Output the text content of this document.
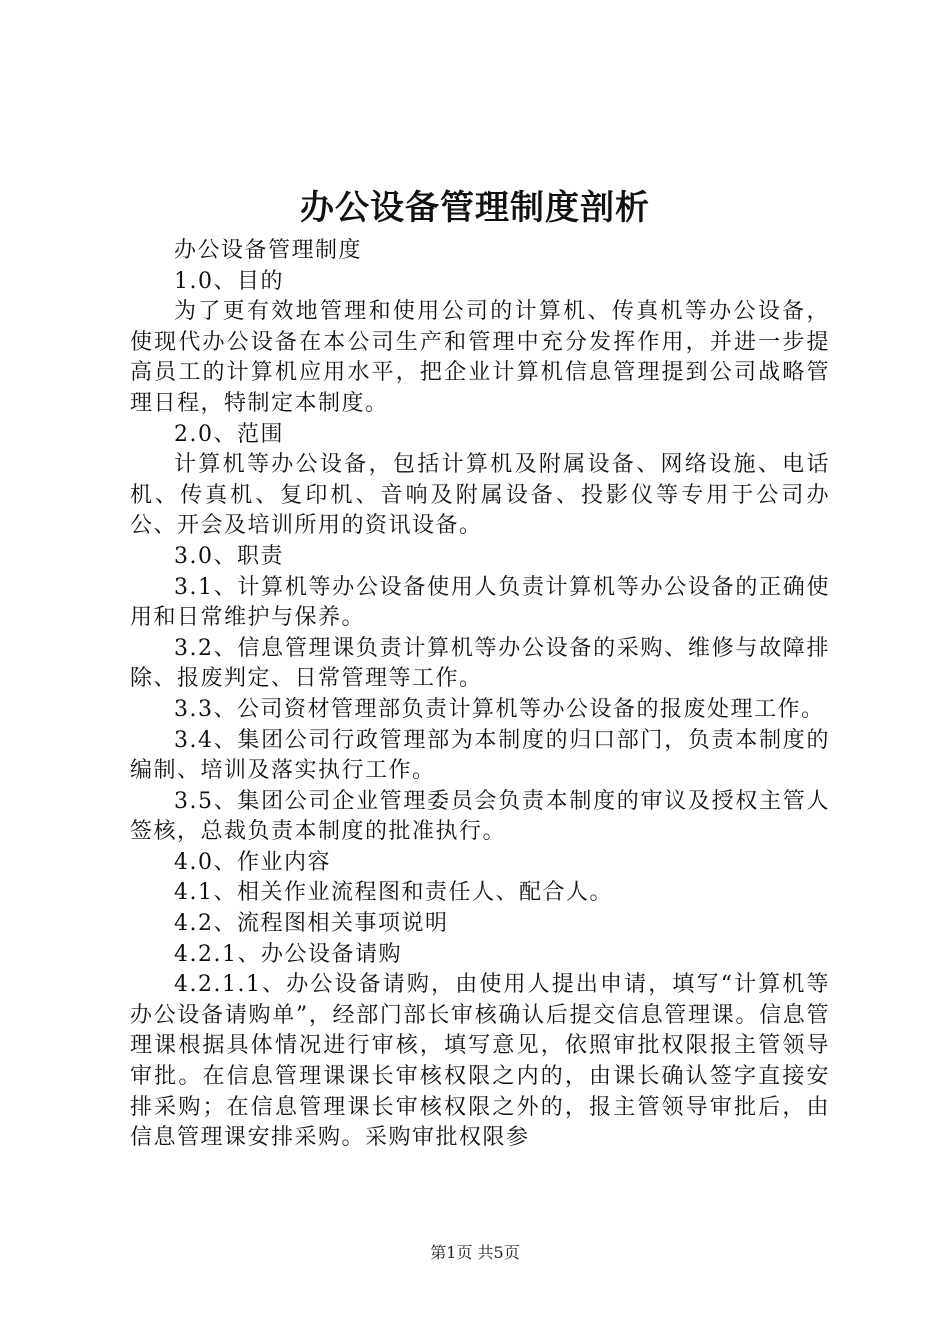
办公设备管理制度剖析

办公设备管理制度

1.0、目的

为了更有效地管理和使用公司的计算机、传真机等办公设备，使现代办公设备在本公司生产和管理中充分发挥作用，并进一步提高员工的计算机应用水平，把企业计算机信息管理提到公司战略管理日程，特制定本制度。

2.0、范围

计算机等办公设备，包括计算机及附属设备、网络设施、电话机、传真机、复印机、音响及附属设备、投影仪等专用于公司办公、开会及培训所用的资讯设备。

3.0、职责

3.1、计算机等办公设备使用人负责计算机等办公设备的正确使用和日常维护与保养。

3.2、信息管理课负责计算机等办公设备的采购、维修与故障排除、报废判定、日常管理等工作。

3.3、公司资材管理部负责计算机等办公设备的报废处理工作。

3.4、集团公司行政管理部为本制度的归口部门，负责本制度的编制、培训及落实执行工作。

3.5、集团公司企业管理委员会负责本制度的审议及授权主管人签核，总裁负责本制度的批准执行。

4.0、作业内容

4.1、相关作业流程图和责任人、配合人。

4.2、流程图相关事项说明

4.2.1、办公设备请购

4.2.1.1、办公设备请购，由使用人提出申请，填写“计算机等办公设备请购单”，经部门部长审核确认后提交信息管理课。信息管理课根据具体情况进行审核，填写意见，依照审批权限报主管领导审批。在信息管理课课长审核权限之内的，由课长确认签字直接安排采购；在信息管理课长审核权限之外的，报主管领导审批后，由信息管理课安排采购。采购审批权限参

第1页 共5页
